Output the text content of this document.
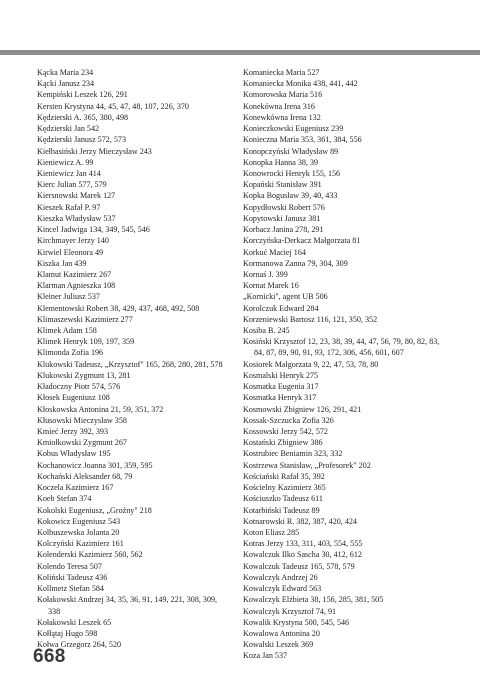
Kącka Maria 234
Kącki Janusz 234
Kempiński Leszek 126, 291
Kersten Krystyna 44, 45, 47, 48, 107, 226, 370
Kędzierski A. 365, 380, 498
Kędzierski Jan 542
Kędzierski Janusz 572, 573
Kiełbasiński Jerzy Mieczysław 243
Kieniewicz A. 99
Kieniewicz Jan 414
Kierc Julian 577, 579
Kiersnowski Marek 127
Kieszek Rafał P. 97
Kieszka Władysław 537
Kincel Jadwiga 134, 349, 545, 546
Kirchmayer Jerzy 140
Kirwiel Eleonora 49
Kiszka Jan 439
Klamut Kazimierz 267
Klarman Agnieszka 108
Kleiner Juliusz 537
Klementowski Robert 38, 429, 437, 468, 492, 508
Klimaszewski Kazimierz 277
Klimek Adam 158
Klimek Henryk 109, 197, 359
Klimonda Zofia 196
Klukowski Tadeusz, „Krzysztof" 165, 268, 280, 281, 578
Klukowski Zygmunt 13, 281
Kładoczny Piotr 574, 576
Kłosek Eugeniusz 108
Kłoskowska Antonina 21, 59, 351, 372
Kłusowski Mieczysław 358
Kmieć Jerzy 392, 393
Kmiołkowski Zygmunt 267
Kobus Władysław 195
Kochanowicz Joanna 301, 359, 595
Kochański Aleksander 68, 79
Koczela Kazimierz 167
Koeb Stefan 374
Kokolski Eugeniusz, „Groźny" 218
Kokowicz Eugeniusz 543
Kolbuszewska Jolanta 20
Kolczyński Kazimierz 161
Kolenderski Kazimierz 560, 562
Kolendo Teresa 507
Koliński Tadeusz 436
Kollmetz Stefan 584
Kołakowski Andrzej 34, 35, 36, 91, 149, 221, 308, 309, 338
Kołakowski Leszek 65
Kołłątaj Hugo 598
Kołwa Grzegorz 264, 520
Komaniecka Maria 527
Komaniecka Monika 438, 441, 442
Komorowska Maria 516
Konekówna Irena 316
Konewkówna Irena 132
Konieczkowski Eugeniusz 239
Konieczna Maria 353, 361, 384, 556
Konopczyński Władysław 89
Konopka Hanna 38, 39
Konowrocki Henryk 155, 156
Kopański Stanisław 391
Kopka Bogusław 39, 40, 433
Kopydłowski Robert 576
Kopytowski Janusz 381
Korbacz Janina 278, 291
Korczyńska-Derkacz Małgorzata 81
Korkuć Maciej 164
Kormanowa Zanna 79, 304, 309
Kornaś J. 399
Kornat Marek 16
„Kornicki", agent UB 506
Korolczuk Edward 284
Korzeniewski Bartosz 116, 121, 350, 352
Kosiba B. 245
Kosiński Krzysztof 12, 23, 38, 39, 44, 47, 56, 79, 80, 82, 83, 84, 87, 89, 90, 91, 93, 172, 306, 456, 601, 607
Kosiorek Małgorzata 9, 22, 47, 53, 78, 80
Kosmalski Henryk 275
Kosmatka Eugenia 317
Kosmatka Henryk 317
Kosmowski Zbigniew 126, 291, 421
Kossak-Szczucka Zofia 326
Kossowski Jerzy 542, 572
Kostański Zbigniew 386
Kostrubiec Beniamin 323, 332
Kostrzewa Stanisław, „Profesorek" 202
Kościański Rafał 35, 392
Kościelny Kazimierz 365
Kościuszko Tadeusz 611
Kotarbiński Tadeusz 89
Kotnarowski R. 382, 387, 420, 424
Koton Eliasz 285
Kotras Jerzy 133, 311, 403, 554, 555
Kowalczuk Ilko Sascha 30, 412, 612
Kowalczuk Tadeusz 165, 578, 579
Kowalczyk Andrzej 26
Kowalczyk Edward 563
Kowalczyk Elżbieta 38, 156, 285, 381, 505
Kowalczyk Krzysztof 74, 91
Kowalik Krystyna 500, 545, 546
Kowalowa Antonina 20
Kowalski Leszek 369
Koza Jan 537
668
